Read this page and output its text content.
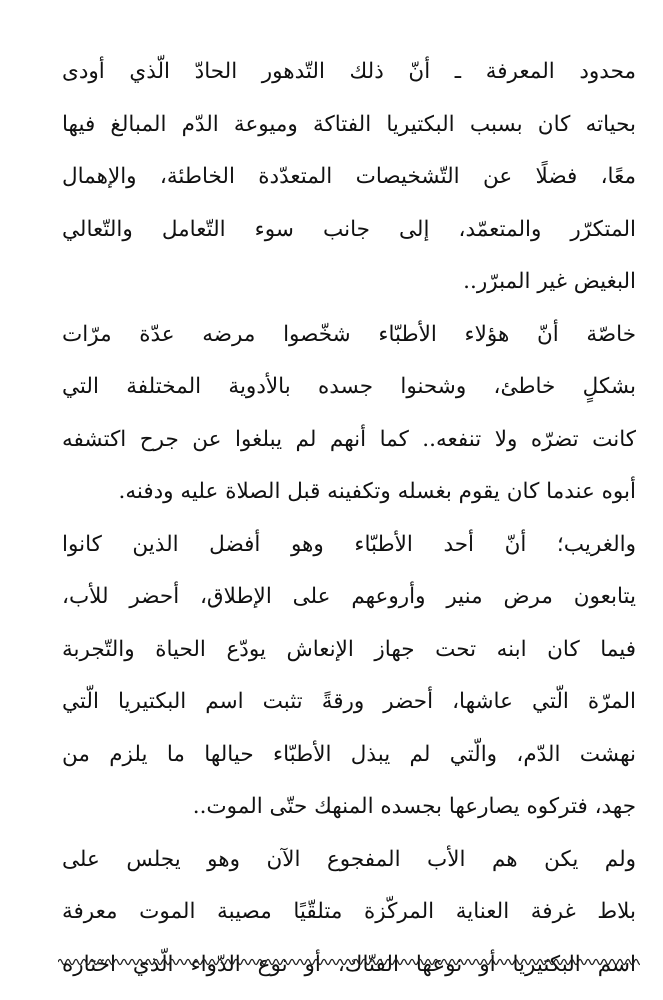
محدود المعرفة ـ أنّ ذلك التّدهور الحادّ الّذي أودى
بحياته كان بسبب البكتيريا الفتاكة وميوعة الدّم المبالغ فيها
معًا، فضلًا عن التّشخيصات المتعدّدة الخاطئة، والإهمال
المتكرّر والمتعمّد، إلى جانب سوء التّعامل والتّعالي
البغيض غير المبرّر..
خاصّة أنّ هؤلاء الأطبّاء شخّصوا مرضه عدّة مرّات
بشكلٍ خاطئ، وشحنوا جسده بالأدوية المختلفة التي
كانت تضرّه ولا تنفعه.. كما أنهم لم يبلغوا عن جرح اكتشفه
أبوه عندما كان يقوم بغسله وتكفينه قبل الصلاة عليه ودفنه.
والغريب؛ أنّ أحد الأطبّاء وهو أفضل الذين كانوا
يتابعون مرض منير وأروعهم على الإطلاق، أحضر للأب،
فيما كان ابنه تحت جهاز الإنعاش يودّع الحياة والتّجربة
المرّة الّتي عاشها، أحضر ورقةً تثبت اسم البكتيريا الّتي
نهشت الدّم، والّتي لم يبذل الأطبّاء حيالها ما يلزم من
جهد، فتركوه يصارعها بجسده المنهك حتّى الموت..
ولم يكن هم الأب المفجوع الآن وهو يجلس على
بلاط غرفة العناية المركّزة متلقّيًا مصيبة الموت معرفة
اسم البكتيريا أو نوعها الفتّاك، أو نوع الدّواء الّذي اختاره
